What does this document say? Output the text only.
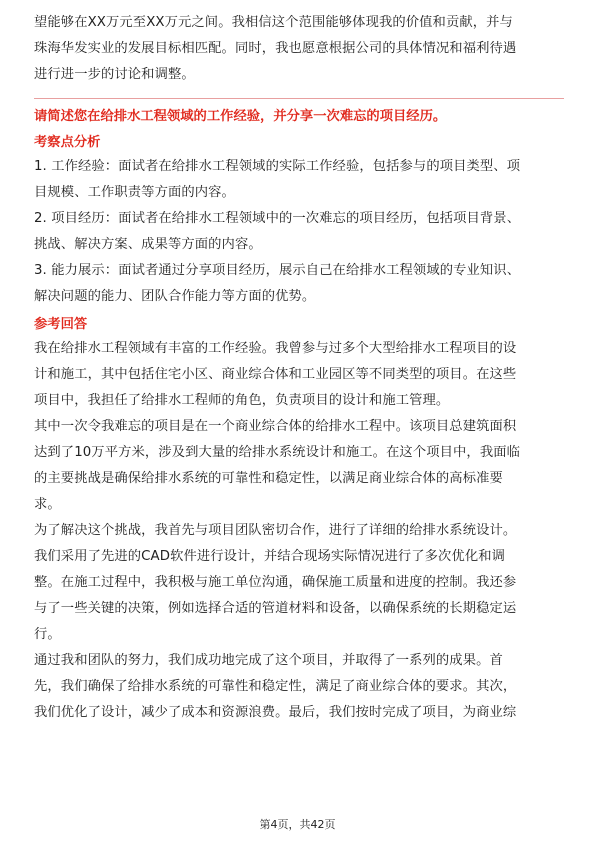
望能够在XX万元至XX万元之间。我相信这个范围能够体现我的价值和贡献，并与

珠海华发实业的发展目标相匹配。同时，我也愿意根据公司的具体情况和福利待遇

进行进一步的讨论和调整。

请简述您在给排水工程领域的工作经验，并分享一次难忘的项目经历。

考察点分析

1. 工作经验：面试者在给排水工程领域的实际工作经验，包括参与的项目类型、项

目规模、工作职责等方面的内容。

2. 项目经历：面试者在给排水工程领域中的一次难忘的项目经历，包括项目背景、

挑战、解决方案、成果等方面的内容。

3. 能力展示：面试者通过分享项目经历，展示自己在给排水工程领域的专业知识、

解决问题的能力、团队合作能力等方面的优势。

参考回答

我在给排水工程领域有丰富的工作经验。我曾参与过多个大型给排水工程项目的设

计和施工，其中包括住宅小区、商业综合体和工业园区等不同类型的项目。在这些

项目中，我担任了给排水工程师的角色，负责项目的设计和施工管理。

其中一次令我难忘的项目是在一个商业综合体的给排水工程中。该项目总建筑面积

达到了10万平方米，涉及到大量的给排水系统设计和施工。在这个项目中，我面临

的主要挑战是确保给排水系统的可靠性和稳定性，以满足商业综合体的高标准要

求。

为了解决这个挑战，我首先与项目团队密切合作，进行了详细的给排水系统设计。

我们采用了先进的CAD软件进行设计，并结合现场实际情况进行了多次优化和调

整。在施工过程中，我积极与施工单位沟通，确保施工质量和进度的控制。我还参

与了一些关键的决策，例如选择合适的管道材料和设备，以确保系统的长期稳定运

行。

通过我和团队的努力，我们成功地完成了这个项目，并取得了一系列的成果。首

先，我们确保了给排水系统的可靠性和稳定性，满足了商业综合体的要求。其次，

我们优化了设计，减少了成本和资源浪费。最后，我们按时完成了项目，为商业综

第4页，共42页
